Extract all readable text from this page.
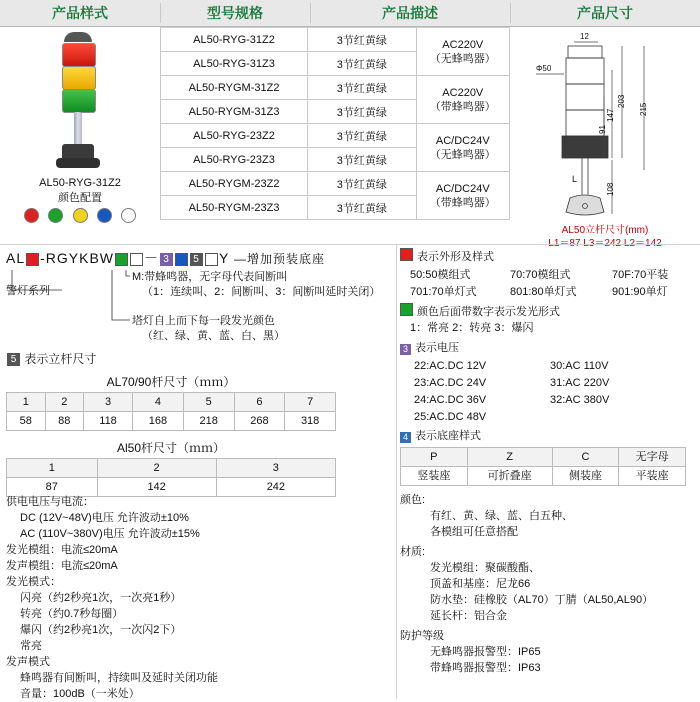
产品样式	型号规格	产品描述	产品尺寸
AL50-RYG-31Z2
颜色配置

AL50-RYG-31Z2	3节红黄绿	AC220V
（无蜂鸣器）
AL50-RYG-31Z3	3节红黄绿	
AL50-RYGM-31Z2	3节红黄绿	AC220V
（带蜂鸣器）
AL50-RYGM-31Z3	3节红黄绿	
AL50-RYG-23Z2	3节红黄绿	AC/DC24V
（无蜂鸣器）
AL50-RYG-23Z3	3节红黄绿	
AL50-RYGM-23Z2	3节红黄绿	AC/DC24V
（带蜂鸣器）
AL50-RYGM-23Z3	3节红黄绿	
12
Φ50
203
215
147
91
108
L
AL50立杆尺寸(mm)
AL -RGYKBW － 3 5 Y —增加预装底座
警灯系列
M:带蜂鸣器，无字母代表间断叫
（1：连续叫、2：间断叫、3：间断叫延时关闭）
塔灯自上而下每一段发光颜色
（红、绿、黄、蓝、白、黑）
5 表示立杆尺寸
AL70/90杆尺寸（ｍｍ）
1	2	3	4	5	6	7
58	88	118	168	218	268	318
Al50杆尺寸（ｍｍ）
1	2	3
87	142	242
供电电压与电流：
DC (12V~48V)电压 允许波动±10%
AC (110V~380V)电压 允许波动±15%
发光模组：电流≤20mA
发声模组：电流≤20mA
发光模式：
闪亮（约2秒亮1次，一次亮1秒）
转亮（约0.7秒每圈）
爆闪（约2秒亮1次，一次闪2下）
常亮
发声模式
蜂鸣器有间断叫，持续叫及延时关闭功能
音量：100dB（一米处）
表示外形及样式
50:50模组式	70:70模组式	70F:70平装
701:70单灯式	801:80单灯式	901:90单灯
颜色后面带数字表示发光形式
1：常亮 2：转亮 3：爆闪
3 表示电压
22:AC.DC 12V	30:AC 110V
23:AC.DC 24V	31:AC 220V
24:AC.DC 36V	32:AC 380V
25:AC.DC 48V
4 表示底座样式
P	Z	C	无字母
竖装座	可折叠座	侧装座	平装座
颜色:
有红、黄、绿、蓝、白五种、
各模组可任意搭配
材质:
发光模组：聚碳酸酯、
顶盖和基座：尼龙66
防水垫：硅橡胶（AL70）丁腈（AL50,AL90）
延长杆：铝合金
防护等级
无蜂鸣器报警型：IP65
带蜂鸣器报警型：IP63
